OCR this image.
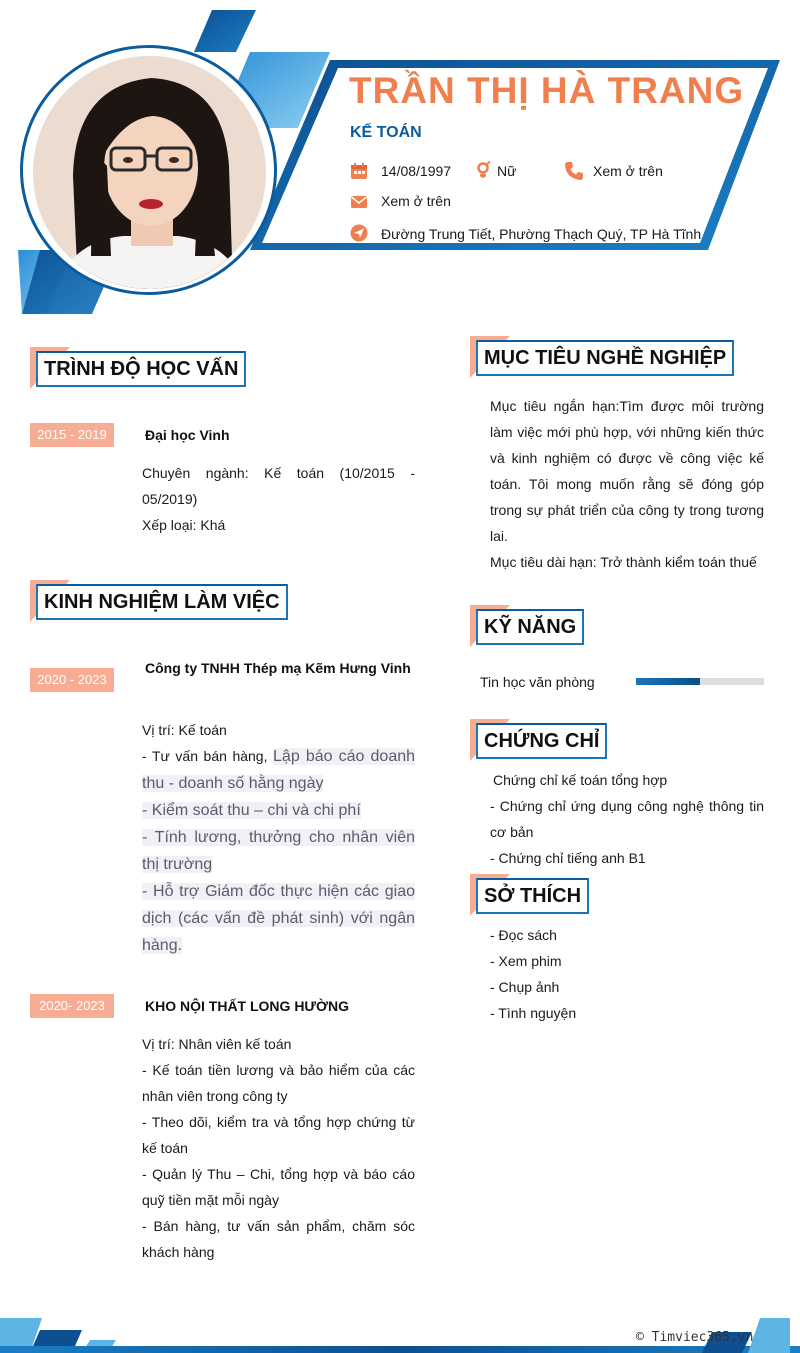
TRẦN THỊ HÀ TRANG
KẾ TOÁN
14/08/1997	Nữ	Xem ở trên
Xem ở trên
Đường Trung Tiết, Phường Thạch Quý, TP Hà Tĩnh
TRÌNH ĐỘ HỌC VẤN
2015 - 2019	Đại học Vinh
Chuyên ngành: Kế toán (10/2015 - 05/2019)
Xếp loại: Khá
KINH NGHIỆM LÀM VIỆC
2020 - 2023
Công ty TNHH Thép mạ Kẽm Hưng Vinh
Vị trí: Kế toán
- Tư vấn bán hàng, Lập báo cáo doanh thu - doanh số hằng ngày
- Kiểm soát thu – chi và chi phí
- Tính lương, thưởng cho nhân viên thị trường
- Hỗ trợ Giám đốc thực hiện các giao dịch (các vấn đề phát sinh) với ngân hàng.
2020- 2023	KHO NỘI THẤT LONG HƯỜNG
Vị trí: Nhân viên kế toán
- Kế toán tiền lương và bảo hiểm của các nhân viên trong công ty
- Theo dõi, kiểm tra và tổng hợp chứng từ kế toán
- Quản lý Thu – Chi, tổng hợp và báo cáo quỹ tiền mặt mỗi ngày
- Bán hàng, tư vấn sản phẩm, chăm sóc khách hàng
MỤC TIÊU NGHỀ NGHIỆP
Mục tiêu ngắn hạn:Tìm được môi trường làm việc mới phù hợp, với những kiến thức và kinh nghiệm có được về công việc kế toán. Tôi mong muốn rằng sẽ đóng góp trong sự phát triển của công ty trong tương lai.
Mục tiêu dài hạn: Trở thành kiểm toán thuế
KỸ NĂNG
Tin học văn phòng
CHỨNG CHỈ
Chứng chỉ kế toán tổng hợp
- Chứng chỉ ứng dụng công nghệ thông tin cơ bản
- Chứng chỉ tiếng anh B1
SỞ THÍCH
- Đọc sách
- Xem phim
- Chụp ảnh
- Tình nguyện
© Timviec365.vn
